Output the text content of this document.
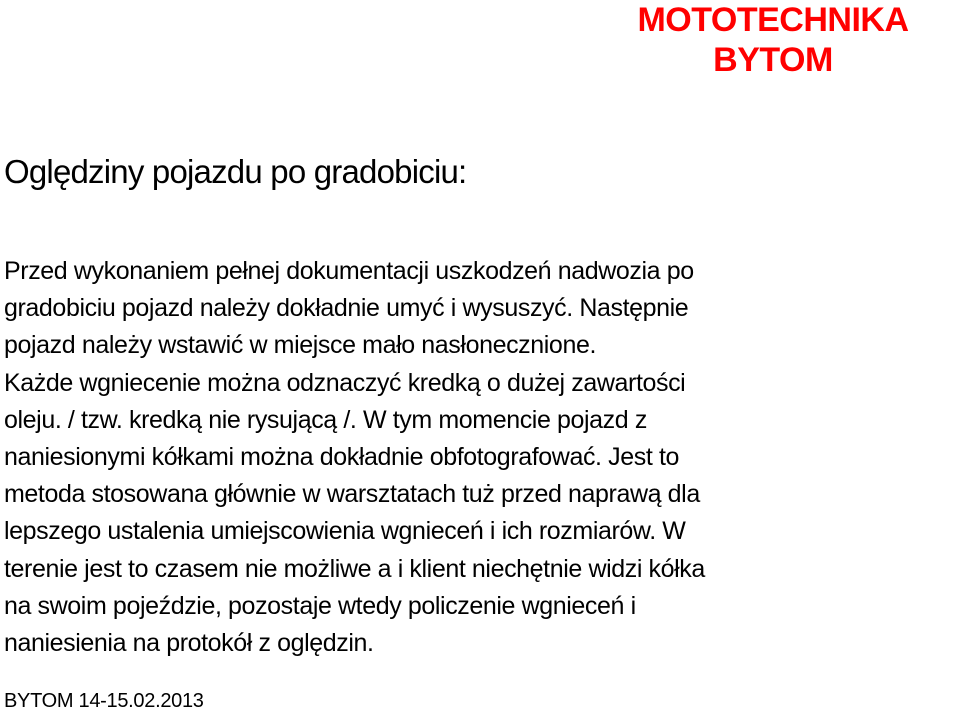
MOTOTECHNIKA
BYTOM
Oględziny pojazdu po gradobiciu:
Przed wykonaniem pełnej dokumentacji uszkodzeń nadwozia po
gradobiciu pojazd należy dokładnie umyć i wysuszyć. Następnie
pojazd należy wstawić w miejsce mało nasłonecznione.
Każde wgniecenie można odznaczyć kredką o dużej zawartości
oleju. / tzw. kredką nie rysującą /. W tym momencie pojazd z
naniesionymi kółkami można dokładnie obfotografować. Jest to
metoda stosowana głównie w warsztatach tuż przed naprawą dla
lepszego ustalenia umiejscowienia wgnieceń i ich rozmiarów. W
terenie jest to czasem nie możliwe a i klient niechętnie widzi kółka
na swoim pojeździe, pozostaje wtedy policzenie wgnieceń i
naniesienia na protokół z oględzin.
BYTOM 14-15.02.2013
